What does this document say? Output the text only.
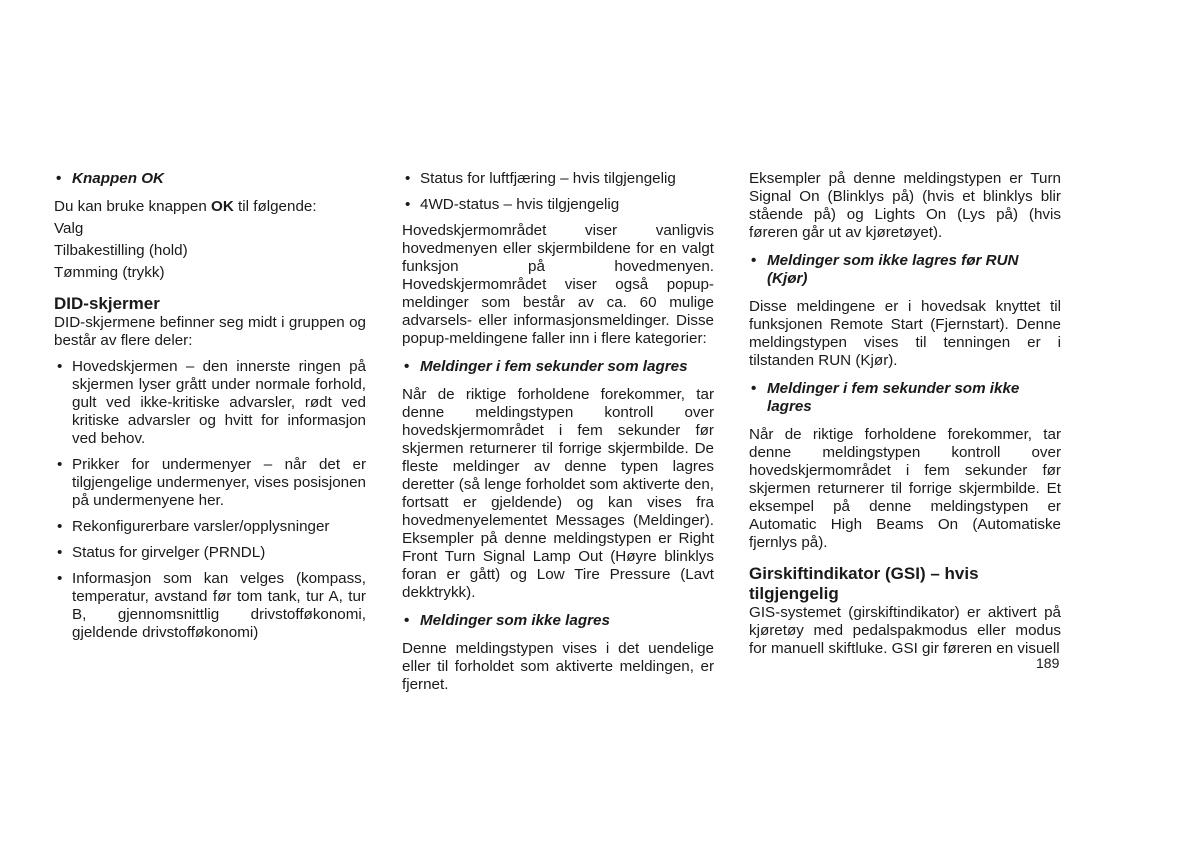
• Knappen OK

Du kan bruke knappen OK til følgende:

Valg

Tilbakestilling (hold)

Tømming (trykk)

DID-skjermer

DID-skjermene befinner seg midt i gruppen og består av flere deler:

• Hovedskjermen – den innerste ringen på skjermen lyser grått under normale forhold, gult ved ikke-kritiske advarsler, rødt ved kritiske advarsler og hvitt for informasjon ved behov.
• Prikker for undermenyer – når det er tilgjengelige undermenyer, vises posisjonen på undermenyene her.
• Rekonfigurerbare varsler/opplysninger
• Status for girvelger (PRNDL)
• Informasjon som kan velges (kompass, temperatur, avstand før tom tank, tur A, tur B, gjennomsnittlig drivstofføkonomi, gjeldende drivstofføkonomi)
• Status for luftfjæring – hvis tilgjengelig
• 4WD-status – hvis tilgjengelig

Hovedskjermområdet viser vanligvis hovedmenyen eller skjermbildene for en valgt funksjon på hovedmenyen. Hovedskjermområdet viser også popup-meldinger som består av ca. 60 mulige advarsels- eller informasjonsmeldinger. Disse popup-meldingene faller inn i flere kategorier:

• Meldinger i fem sekunder som lagres

Når de riktige forholdene forekommer, tar denne meldingstypen kontroll over hovedskjermområdet i fem sekunder før skjermen returnerer til forrige skjermbilde. De fleste meldinger av denne typen lagres deretter (så lenge forholdet som aktiverte den, fortsatt er gjeldende) og kan vises fra hovedmenyelementet Messages (Meldinger). Eksempler på denne meldingstypen er Right Front Turn Signal Lamp Out (Høyre blinklys foran er gått) og Low Tire Pressure (Lavt dekktrykk).

• Meldinger som ikke lagres

Denne meldingstypen vises i det uendelige eller til forholdet som aktiverte meldingen, er fjernet.

Eksempler på denne meldingstypen er Turn Signal On (Blinklys på) (hvis et blinklys blir stående på) og Lights On (Lys på) (hvis føreren går ut av kjøretøyet).

• Meldinger som ikke lagres før RUN (Kjør)

Disse meldingene er i hovedsak knyttet til funksjonen Remote Start (Fjernstart). Denne meldingstypen vises til tenningen er i tilstanden RUN (Kjør).

• Meldinger i fem sekunder som ikke lagres

Når de riktige forholdene forekommer, tar denne meldingstypen kontroll over hovedskjermområdet i fem sekunder før skjermen returnerer til forrige skjermbilde. Et eksempel på denne meldingstypen er Automatic High Beams On (Automatiske fjernlys på).

Girskiftindikator (GSI) – hvis tilgjengelig

GIS-systemet (girskiftindikator) er aktivert på kjøretøy med pedalspakmodus eller modus for manuell skiftluke. GSI gir føreren en visuell

189
